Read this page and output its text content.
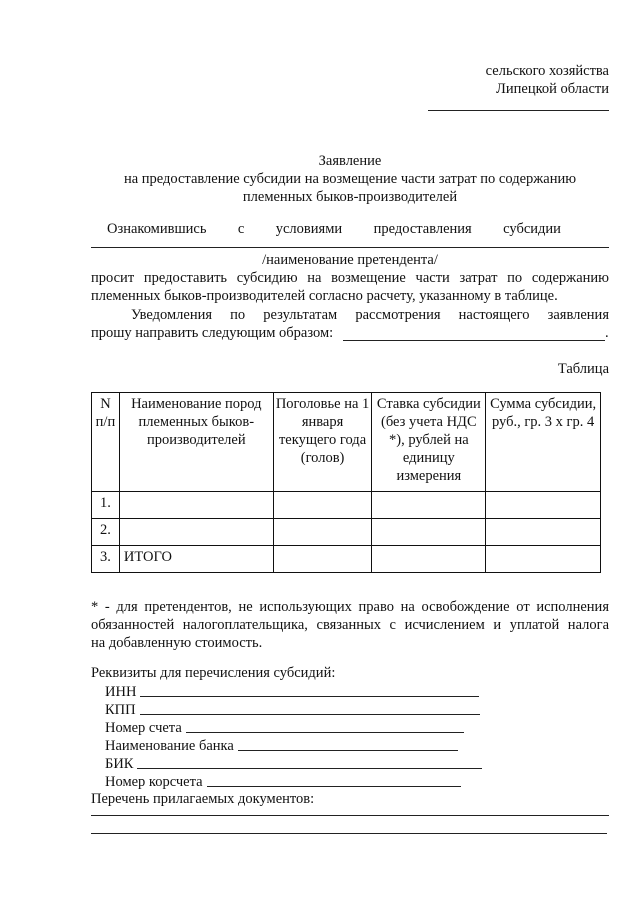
сельского хозяйства
Липецкой области
Заявление
на предоставление субсидии на возмещение части затрат по содержанию
племенных быков-производителей
Ознакомившись с условиями предоставления субсидии
/наименование претендента/
просит предоставить субсидию на возмещение части затрат по содержанию
племенных быков-производителей согласно расчету, указанному в таблице.
Уведомления по результатам рассмотрения настоящего заявления
прошу направить следующим образом:	.
Таблица
N п/п	Наименование пород племенных быков-производителей	Поголовье на 1 января текущего года (голов)	Ставка субсидии (без учета НДС *), рублей на единицу измерения	Сумма субсидии, руб., гр. 3 х гр. 4
1.				
2.				
3.	ИТОГО			
* - для претендентов, не использующих право на освобождение от исполнения
обязанностей налогоплательщика, связанных с исчислением и уплатой налога
на добавленную стоимость.
Реквизиты для перечисления субсидий:
ИНН
КПП
Номер счета
Наименование банка
БИК
Номер корсчета
Перечень прилагаемых документов:
